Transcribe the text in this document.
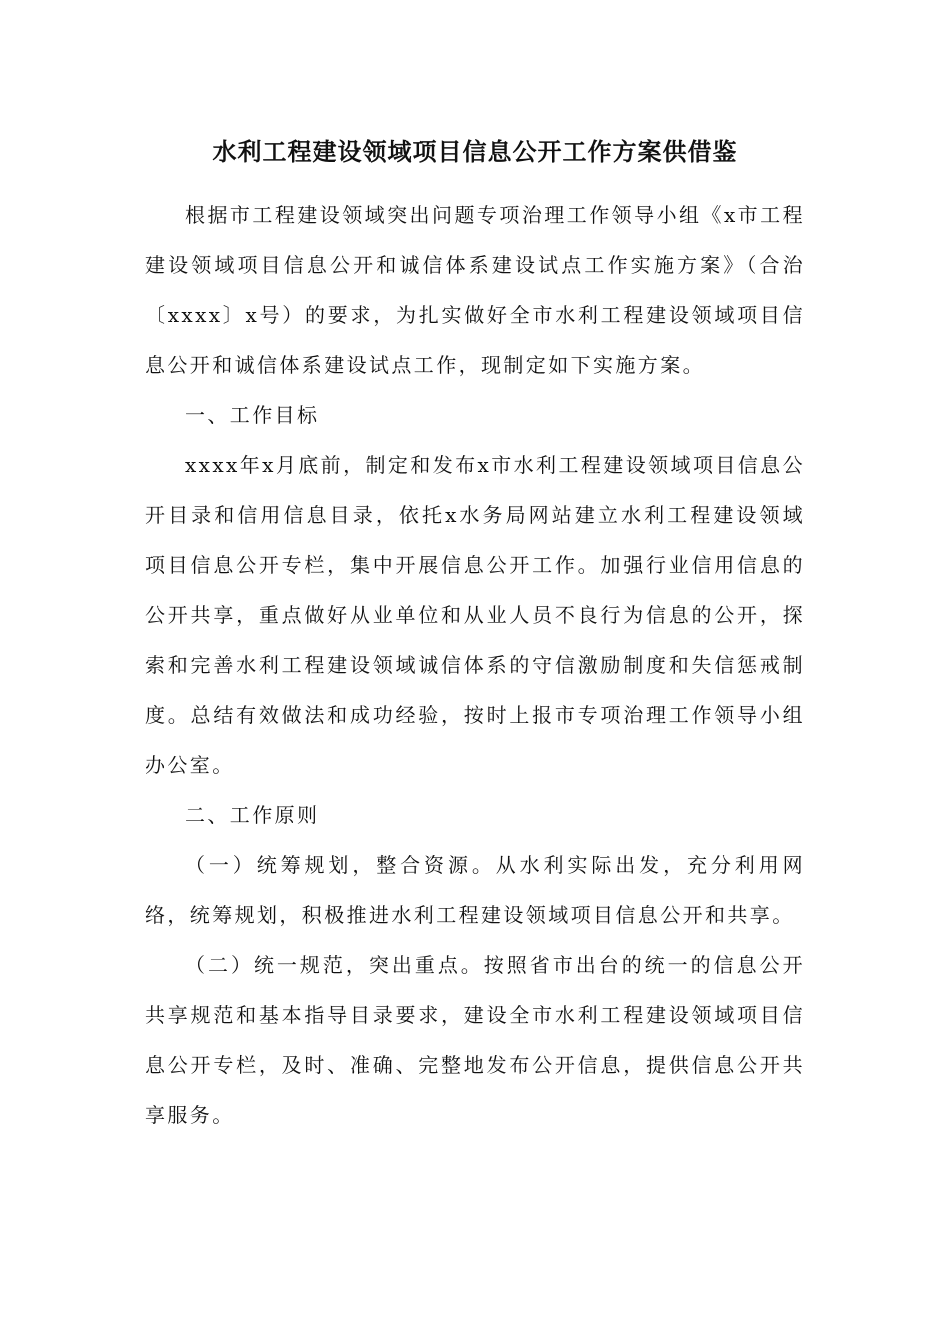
水利工程建设领域项目信息公开工作方案供借鉴

根据市工程建设领域突出问题专项治理工作领导小组《x市工程建设领域项目信息公开和诚信体系建设试点工作实施方案》（合治〔xxxx〕x号）的要求，为扎实做好全市水利工程建设领域项目信息公开和诚信体系建设试点工作，现制定如下实施方案。

一、工作目标

xxxx年x月底前，制定和发布x市水利工程建设领域项目信息公开目录和信用信息目录，依托x水务局网站建立水利工程建设领域项目信息公开专栏，集中开展信息公开工作。加强行业信用信息的公开共享，重点做好从业单位和从业人员不良行为信息的公开，探索和完善水利工程建设领域诚信体系的守信激励制度和失信惩戒制度。总结有效做法和成功经验，按时上报市专项治理工作领导小组办公室。

二、工作原则

（一）统筹规划，整合资源。从水利实际出发，充分利用网络，统筹规划，积极推进水利工程建设领域项目信息公开和共享。

（二）统一规范，突出重点。按照省市出台的统一的信息公开共享规范和基本指导目录要求，建设全市水利工程建设领域项目信息公开专栏，及时、准确、完整地发布公开信息，提供信息公开共享服务。
